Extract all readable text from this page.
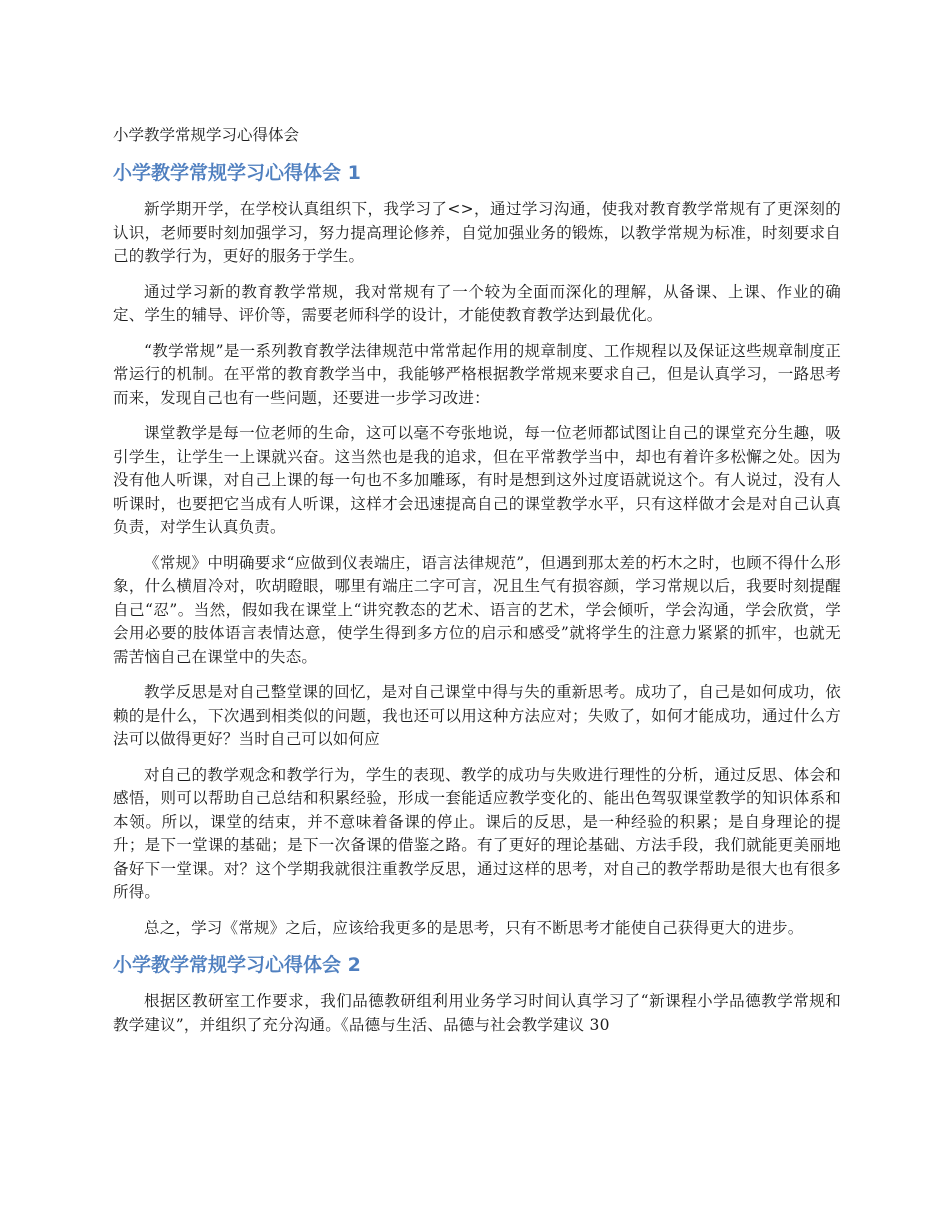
小学教学常规学习心得体会
小学教学常规学习心得体会 1

新学期开学，在学校认真组织下，我学习了<>，通过学习沟通，使我对教育教学常规有了更深刻的认识，老师要时刻加强学习，努力提高理论修养，自觉加强业务的锻炼，以教学常规为标准，时刻要求自己的教学行为，更好的服务于学生。

通过学习新的教育教学常规，我对常规有了一个较为全面而深化的理解，从备课、上课、作业的确定、学生的辅导、评价等，需要老师科学的设计，才能使教育教学达到最优化。

“教学常规”是一系列教育教学法律规范中常常起作用的规章制度、工作规程以及保证这些规章制度正常运行的机制。在平常的教育教学当中，我能够严格根据教学常规来要求自己，但是认真学习，一路思考而来，发现自己也有一些问题，还要进一步学习改进：

课堂教学是每一位老师的生命，这可以毫不夸张地说，每一位老师都试图让自己的课堂充分生趣，吸引学生，让学生一上课就兴奋。这当然也是我的追求，但在平常教学当中，却也有着许多松懈之处。因为没有他人听课，对自己上课的每一句也不多加雕琢，有时是想到这外过度语就说这个。有人说过，没有人听课时，也要把它当成有人听课，这样才会迅速提高自己的课堂教学水平，只有这样做才会是对自己认真负责，对学生认真负责。

《常规》中明确要求“应做到仪表端庄，语言法律规范”，但遇到那太差的朽木之时，也顾不得什么形象，什么横眉冷对，吹胡瞪眼，哪里有端庄二字可言，况且生气有损容颜，学习常规以后，我要时刻提醒自己“忍”。当然，假如我在课堂上“讲究教态的艺术、语言的艺术，学会倾听，学会沟通，学会欣赏，学会用必要的肢体语言表情达意，使学生得到多方位的启示和感受”就将学生的注意力紧紧的抓牢，也就无需苦恼自己在课堂中的失态。

教学反思是对自己整堂课的回忆，是对自己课堂中得与失的重新思考。成功了，自己是如何成功，依赖的是什么，下次遇到相类似的问题，我也还可以用这种方法应对；失败了，如何才能成功，通过什么方法可以做得更好？当时自己可以如何应

对自己的教学观念和教学行为，学生的表现、教学的成功与失败进行理性的分析，通过反思、体会和感悟，则可以帮助自己总结和积累经验，形成一套能适应教学变化的、能出色驾驭课堂教学的知识体系和本领。所以，课堂的结束，并不意味着备课的停止。课后的反思，是一种经验的积累；是自身理论的提升；是下一堂课的基础；是下一次备课的借鉴之路。有了更好的理论基础、方法手段，我们就能更美丽地备好下一堂课。对？这个学期我就很注重教学反思，通过这样的思考，对自己的教学帮助是很大也有很多所得。

总之，学习《常规》之后，应该给我更多的是思考，只有不断思考才能使自己获得更大的进步。

小学教学常规学习心得体会 2

根据区教研室工作要求，我们品德教研组利用业务学习时间认真学习了“新课程小学品德教学常规和教学建议”，并组织了充分沟通。《品德与生活、品德与社会教学建议 30
